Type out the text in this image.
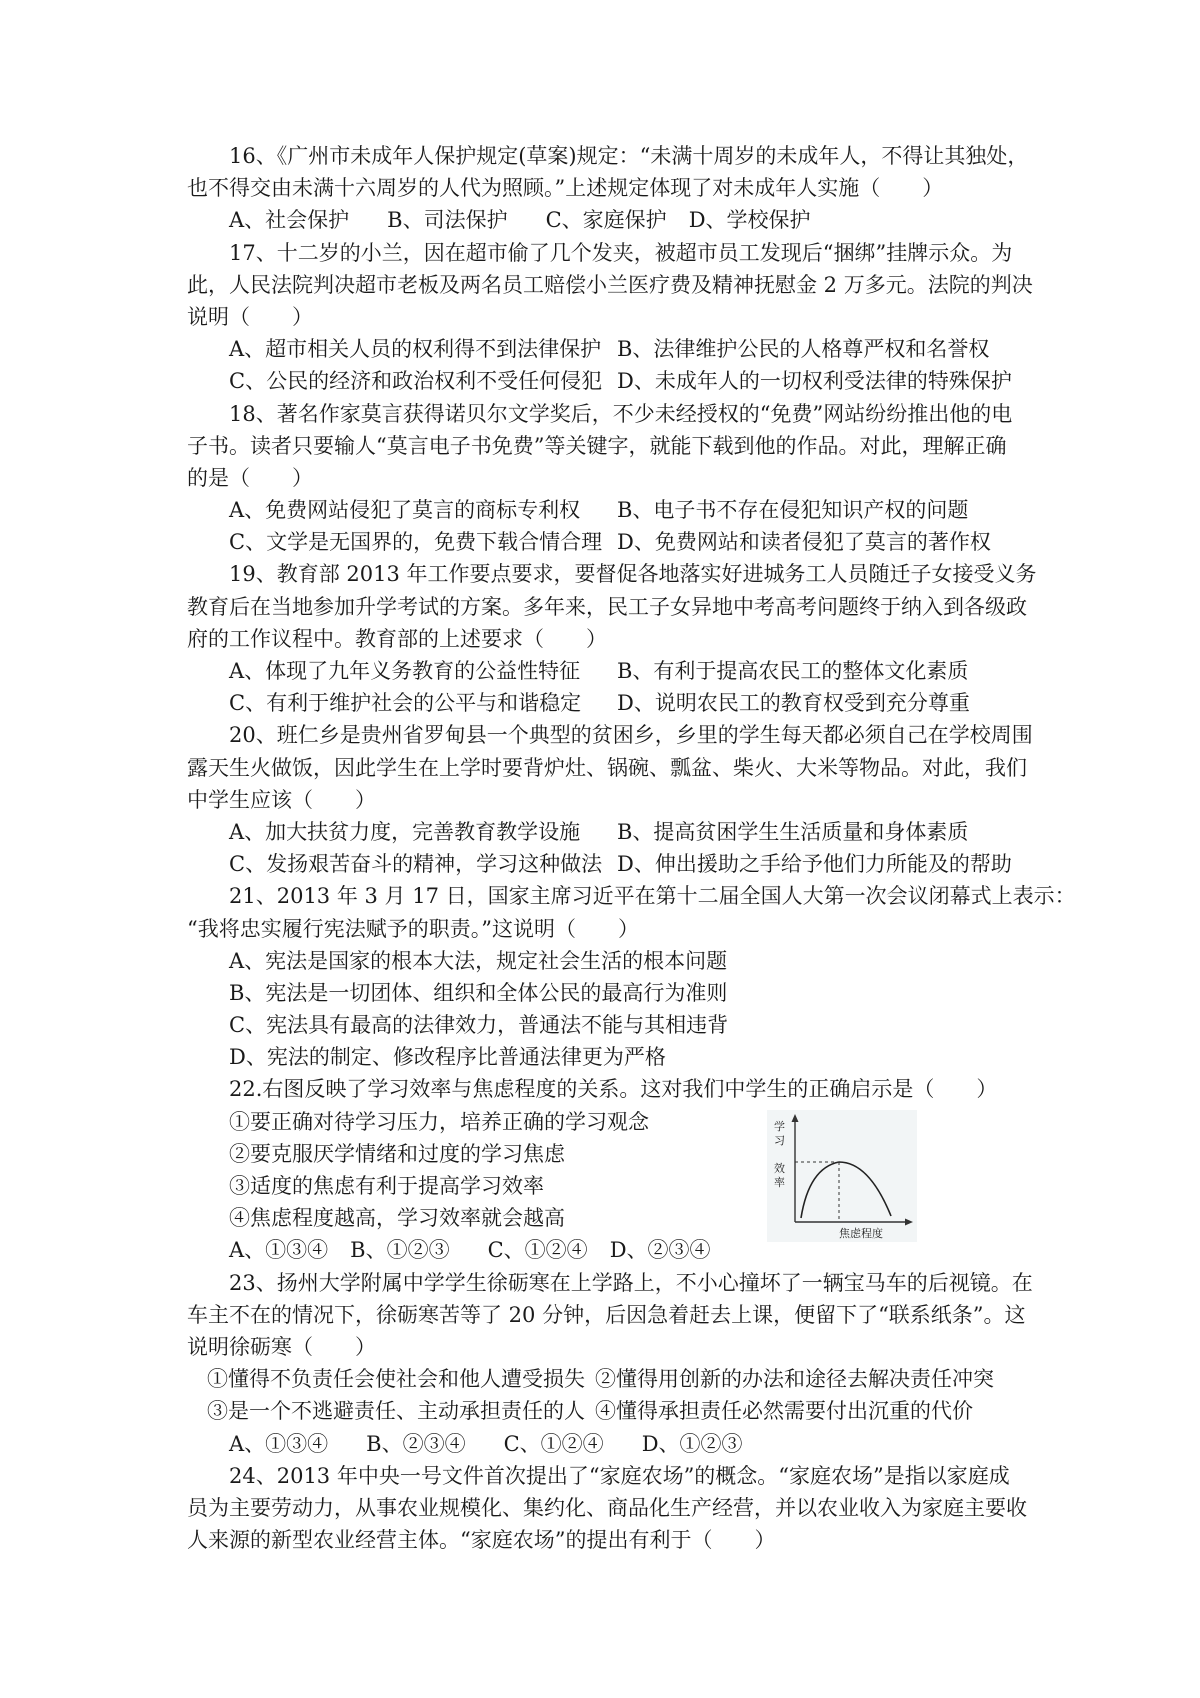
16、《广州市未成年人保护规定(草案)规定：“未满十周岁的未成年人，不得让其独处，
也不得交由未满十六周岁的人代为照顾。”上述规定体现了对未成年人实施（　　）
A、社会保护 B、司法保护 C、家庭保护 D、学校保护
17、十二岁的小兰，因在超市偷了几个发夹，被超市员工发现后“捆绑”挂牌示众。为
此，人民法院判决超市老板及两名员工赔偿小兰医疗费及精神抚慰金 2 万多元。法院的判决
说明（　　）
A、超市相关人员的权利得不到法律保护 B、法律维护公民的人格尊严权和名誉权
C、公民的经济和政治权利不受任何侵犯 D、未成年人的一切权利受法律的特殊保护
18、著名作家莫言获得诺贝尔文学奖后，不少未经授权的“免费”网站纷纷推出他的电
子书。读者只要输人“莫言电子书免费”等关键字，就能下载到他的作品。对此，理解正确
的是（　　）
A、免费网站侵犯了莫言的商标专利权 B、电子书不存在侵犯知识产权的问题
C、文学是无国界的，免费下载合情合理 D、免费网站和读者侵犯了莫言的著作权
19、教育部 2013 年工作要点要求，要督促各地落实好进城务工人员随迁子女接受义务
教育后在当地参加升学考试的方案。多年来，民工子女异地中考高考问题终于纳入到各级政
府的工作议程中。教育部的上述要求（　　）
A、体现了九年义务教育的公益性特征 B、有利于提高农民工的整体文化素质
C、有利于维护社会的公平与和谐稳定 D、说明农民工的教育权受到充分尊重
20、班仁乡是贵州省罗甸县一个典型的贫困乡，乡里的学生每天都必须自己在学校周围
露天生火做饭，因此学生在上学时要背炉灶、锅碗、瓢盆、柴火、大米等物品。对此，我们
中学生应该（　　）
A、加大扶贫力度，完善教育教学设施 B、提高贫困学生生活质量和身体素质
C、发扬艰苦奋斗的精神，学习这种做法 D、伸出援助之手给予他们力所能及的帮助
21、2013 年 3 月 17 日，国家主席习近平在第十二届全国人大第一次会议闭幕式上表示：
“我将忠实履行宪法赋予的职责。”这说明（　　）
A、宪法是国家的根本大法，规定社会生活的根本问题
B、宪法是一切团体、组织和全体公民的最高行为准则
C、宪法具有最高的法律效力，普通法不能与其相违背
D、宪法的制定、修改程序比普通法律更为严格
22.右图反映了学习效率与焦虑程度的关系。这对我们中学生的正确启示是（　　）
①要正确对待学习压力，培养正确的学习观念
②要克服厌学情绪和过度的学习焦虑
③适度的焦虑有利于提高学习效率
④焦虑程度越高，学习效率就会越高
A、①③④ B、①②③ C、①②④ D、②③④
23、扬州大学附属中学学生徐砺寒在上学路上，不小心撞坏了一辆宝马车的后视镜。在
车主不在的情况下，徐砺寒苦等了 20 分钟，后因急着赶去上课，便留下了“联系纸条”。这
说明徐砺寒（　　）
①懂得不负责任会使社会和他人遭受损失 ②懂得用创新的办法和途径去解决责任冲突
③是一个不逃避责任、主动承担责任的人 ④懂得承担责任必然需要付出沉重的代价
A、①③④ B、②③④ C、①②④ D、①②③
24、2013 年中央一号文件首次提出了“家庭农场”的概念。“家庭农场”是指以家庭成
员为主要劳动力，从事农业规模化、集约化、商品化生产经营，并以农业收入为家庭主要收
人来源的新型农业经营主体。“家庭农场”的提出有利于（　　）
学
习
效
率
焦虑程度
